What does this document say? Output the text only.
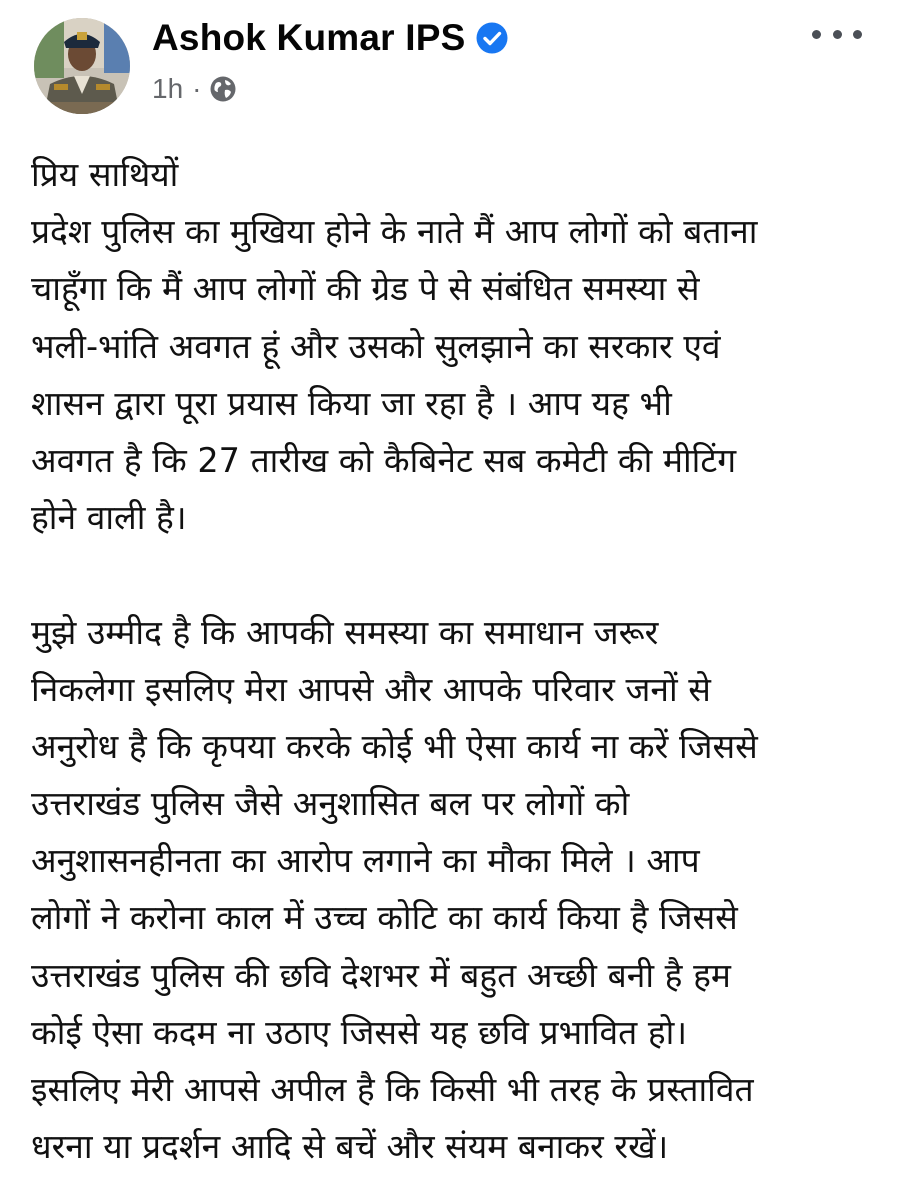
Ashok Kumar IPS
1h ·
प्रिय साथियों
प्रदेश पुलिस का मुखिया होने के नाते मैं आप लोगों को बताना
चाहूँगा कि मैं आप लोगों की ग्रेड पे से संबंधित समस्या से
भली-भांति अवगत हूं और उसको सुलझाने का सरकार एवं
शासन द्वारा पूरा प्रयास किया जा रहा है । आप यह भी
अवगत है कि 27 तारीख को कैबिनेट सब कमेटी की मीटिंग
होने वाली है।
मुझे उम्मीद है कि आपकी समस्या का समाधान जरूर
निकलेगा इसलिए मेरा आपसे और आपके परिवार जनों से
अनुरोध है कि कृपया करके कोई भी ऐसा कार्य ना करें जिससे
उत्तराखंड पुलिस जैसे अनुशासित बल पर लोगों को
अनुशासनहीनता का आरोप लगाने का मौका मिले । आप
लोगों ने करोना काल में उच्च कोटि का कार्य किया है जिससे
उत्तराखंड पुलिस की छवि देशभर में बहुत अच्छी बनी है हम
कोई ऐसा कदम ना उठाए जिससे यह छवि प्रभावित हो।
इसलिए मेरी आपसे अपील है कि किसी भी तरह के प्रस्तावित
धरना या प्रदर्शन आदि से बचें और संयम बनाकर रखें।
